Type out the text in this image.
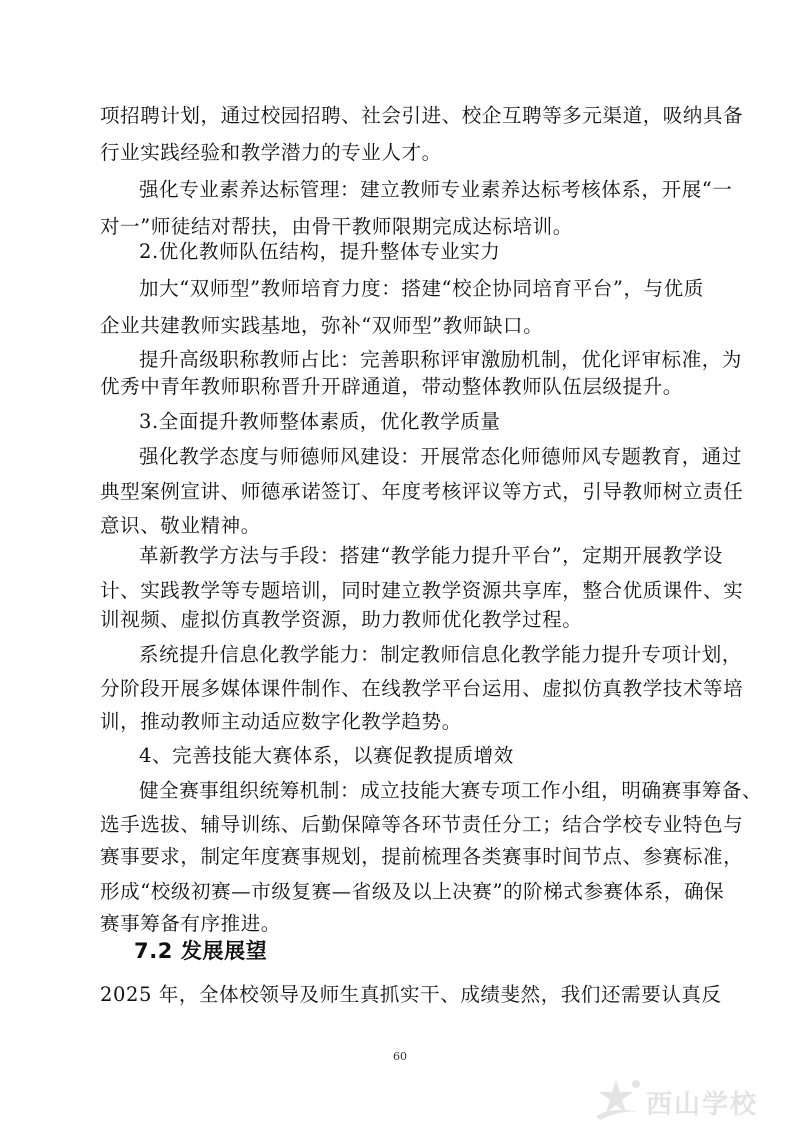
项招聘计划，通过校园招聘、社会引进、校企互聘等多元渠道，吸纳具备
行业实践经验和教学潜力的专业人才。
强化专业素养达标管理：建立教师专业素养达标考核体系，开展“一
对一”师徒结对帮扶，由骨干教师限期完成达标培训。
2.优化教师队伍结构，提升整体专业实力
加大“双师型”教师培育力度：搭建“校企协同培育平台”，与优质
企业共建教师实践基地，弥补“双师型”教师缺口。
提升高级职称教师占比：完善职称评审激励机制，优化评审标准，为
优秀中青年教师职称晋升开辟通道，带动整体教师队伍层级提升。
3.全面提升教师整体素质，优化教学质量
强化教学态度与师德师风建设：开展常态化师德师风专题教育，通过
典型案例宣讲、师德承诺签订、年度考核评议等方式，引导教师树立责任
意识、敬业精神。
革新教学方法与手段：搭建“教学能力提升平台”，定期开展教学设
计、实践教学等专题培训，同时建立教学资源共享库，整合优质课件、实
训视频、虚拟仿真教学资源，助力教师优化教学过程。
系统提升信息化教学能力：制定教师信息化教学能力提升专项计划，
分阶段开展多媒体课件制作、在线教学平台运用、虚拟仿真教学技术等培
训，推动教师主动适应数字化教学趋势。
4、完善技能大赛体系，以赛促教提质增效
健全赛事组织统筹机制：成立技能大赛专项工作小组，明确赛事筹备、
选手选拔、辅导训练、后勤保障等各环节责任分工；结合学校专业特色与
赛事要求，制定年度赛事规划，提前梳理各类赛事时间节点、参赛标准，
形成“校级初赛—市级复赛—省级及以上决赛”的阶梯式参赛体系，确保
赛事筹备有序推进。
7.2 发展展望
2025 年，全体校领导及师生真抓实干、成绩斐然，我们还需要认真反
60
西山学校
